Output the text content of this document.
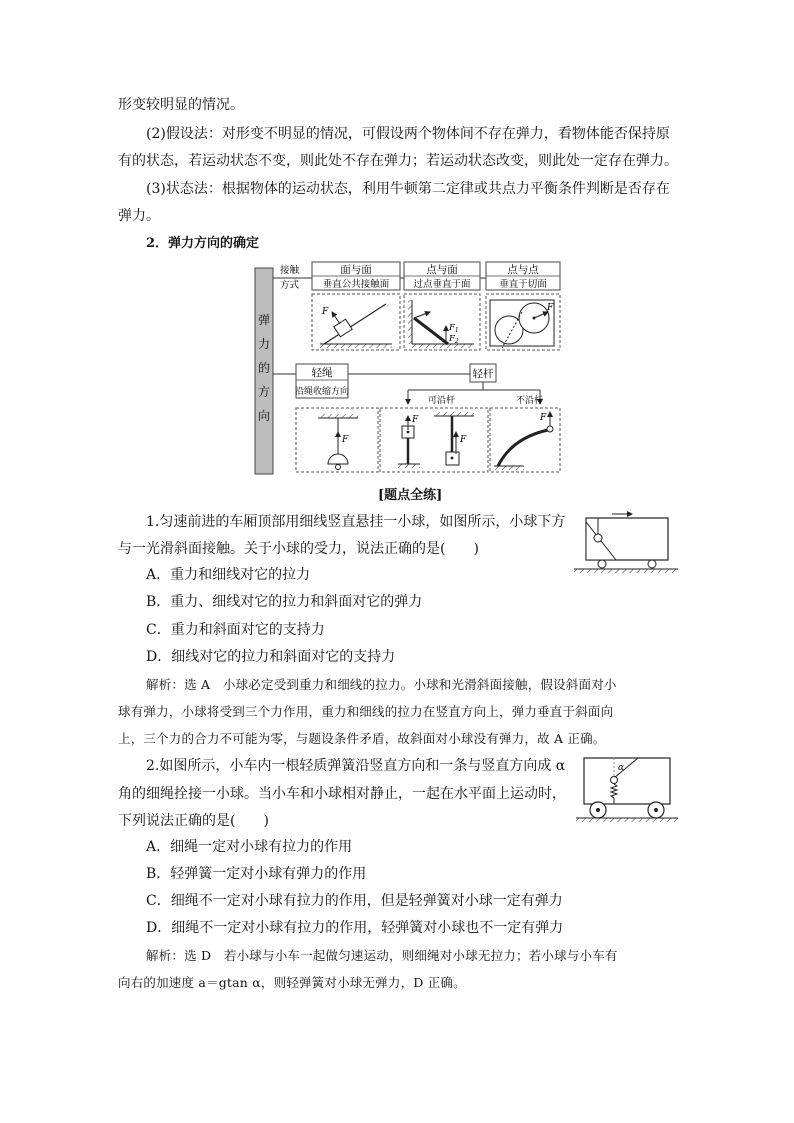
形变较明显的情况。
(2)假设法：对形变不明显的情况，可假设两个物体间不存在弹力，看物体能否保持原
有的状态，若运动状态不变，则此处不存在弹力；若运动状态改变，则此处一定存在弹力。
(3)状态法：根据物体的运动状态，利用牛顿第二定律或共点力平衡条件判断是否存在
弹力。
2．弹力方向的确定
弹
力
的
方
向
接触
方式
面与面
垂直公共接触面
点与面
过点垂直于面
点与点
垂直于切面
F
$F_1$
$F_2$
F
轻绳
沿绳收缩方向
轻杆
可沿杆	不沿杆
F
F
F
F
[题点全练]
1.匀速前进的车厢顶部用细线竖直悬挂一小球，如图所示，小球下方
与一光滑斜面接触。关于小球的受力，说法正确的是(　　)
A．重力和细线对它的拉力
B．重力、细线对它的拉力和斜面对它的弹力
C．重力和斜面对它的支持力
D．细线对它的拉力和斜面对它的支持力
解析：选 A　小球必定受到重力和细线的拉力。小球和光滑斜面接触，假设斜面对小
球有弹力，小球将受到三个力作用，重力和细线的拉力在竖直方向上，弹力垂直于斜面向
上，三个力的合力不可能为零，与题设条件矛盾，故斜面对小球没有弹力，故 A 正确。
2.如图所示，小车内一根轻质弹簧沿竖直方向和一条与竖直方向成 α
角的细绳拴接一小球。当小车和小球相对静止，一起在水平面上运动时，
下列说法正确的是(　　)
α
A．细绳一定对小球有拉力的作用
B．轻弹簧一定对小球有弹力的作用
C．细绳不一定对小球有拉力的作用，但是轻弹簧对小球一定有弹力
D．细绳不一定对小球有拉力的作用，轻弹簧对小球也不一定有弹力
解析：选 D　若小球与小车一起做匀速运动，则细绳对小球无拉力；若小球与小车有
向右的加速度 a＝gtan α，则轻弹簧对小球无弹力，D 正确。
